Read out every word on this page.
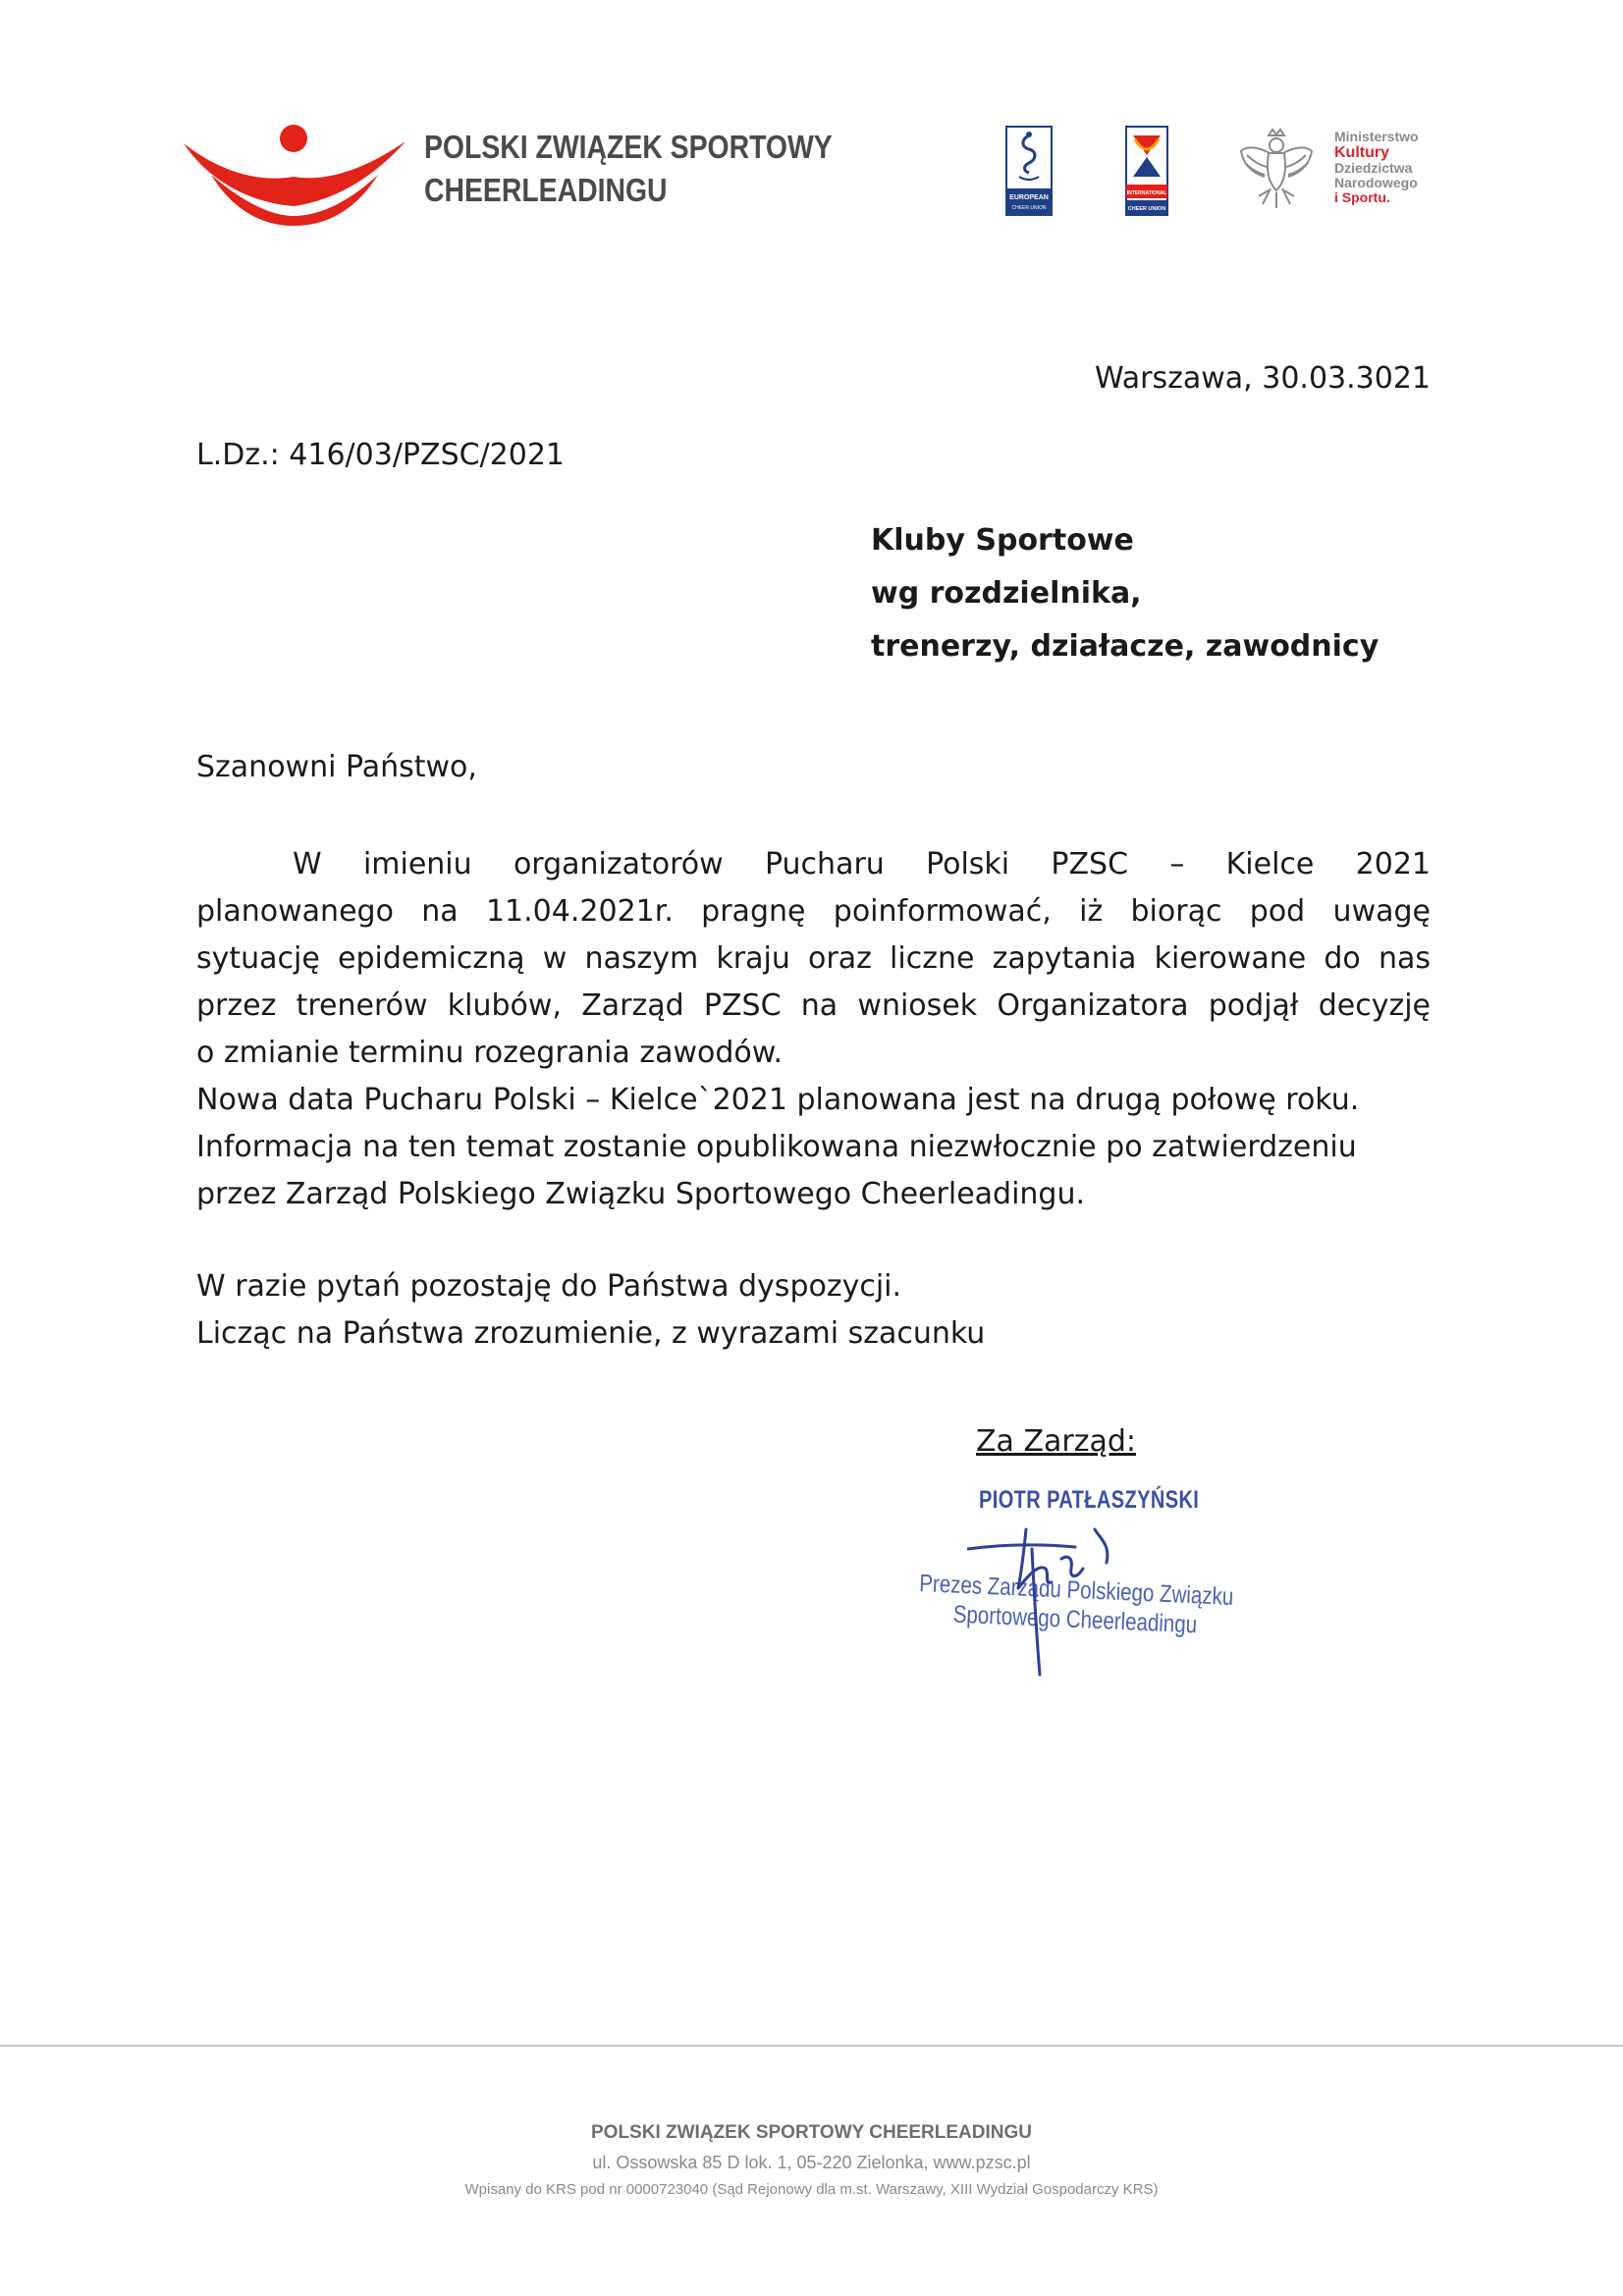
POLSKI ZWIĄZEK SPORTOWY
CHEERLEADINGU	EUROPEAN
CHEER UNION
INTERNATIONAL
CHEER UNION
Ministerstwo
Kultury
Dziedzictwa
Narodowego
i Sportu.
Warszawa, 30.03.3021
L.Dz.: 416/03/PZSC/2021
Kluby Sportowe
wg rozdzielnika,
trenerzy, działacze, zawodnicy
Szanowni Państwo,
W imieniu organizatorów Pucharu Polski PZSC – Kielce 2021
planowanego na 11.04.2021r. pragnę poinformować, iż biorąc pod uwagę
sytuację epidemiczną w naszym kraju oraz liczne zapytania kierowane do nas
przez trenerów klubów, Zarząd PZSC na wniosek Organizatora podjął decyzję
o zmianie terminu rozegrania zawodów.
Nowa data Pucharu Polski – Kielce`2021 planowana jest na drugą połowę roku.
Informacja na ten temat zostanie opublikowana niezwłocznie po zatwierdzeniu
przez Zarząd Polskiego Związku Sportowego Cheerleadingu.
W razie pytań pozostaję do Państwa dyspozycji.
Licząc na Państwa zrozumienie, z wyrazami szacunku
Za Zarząd:
PIOTR PATŁASZYŃSKI
Prezes Zarządu Polskiego Związku
Sportowego Cheerleadingu
POLSKI ZWIĄZEK SPORTOWY CHEERLEADINGU
ul. Ossowska 85 D lok. 1, 05-220 Zielonka, www.pzsc.pl
Wpisany do KRS pod nr 0000723040 (Sąd Rejonowy dla m.st. Warszawy, XIII Wydział Gospodarczy KRS)
